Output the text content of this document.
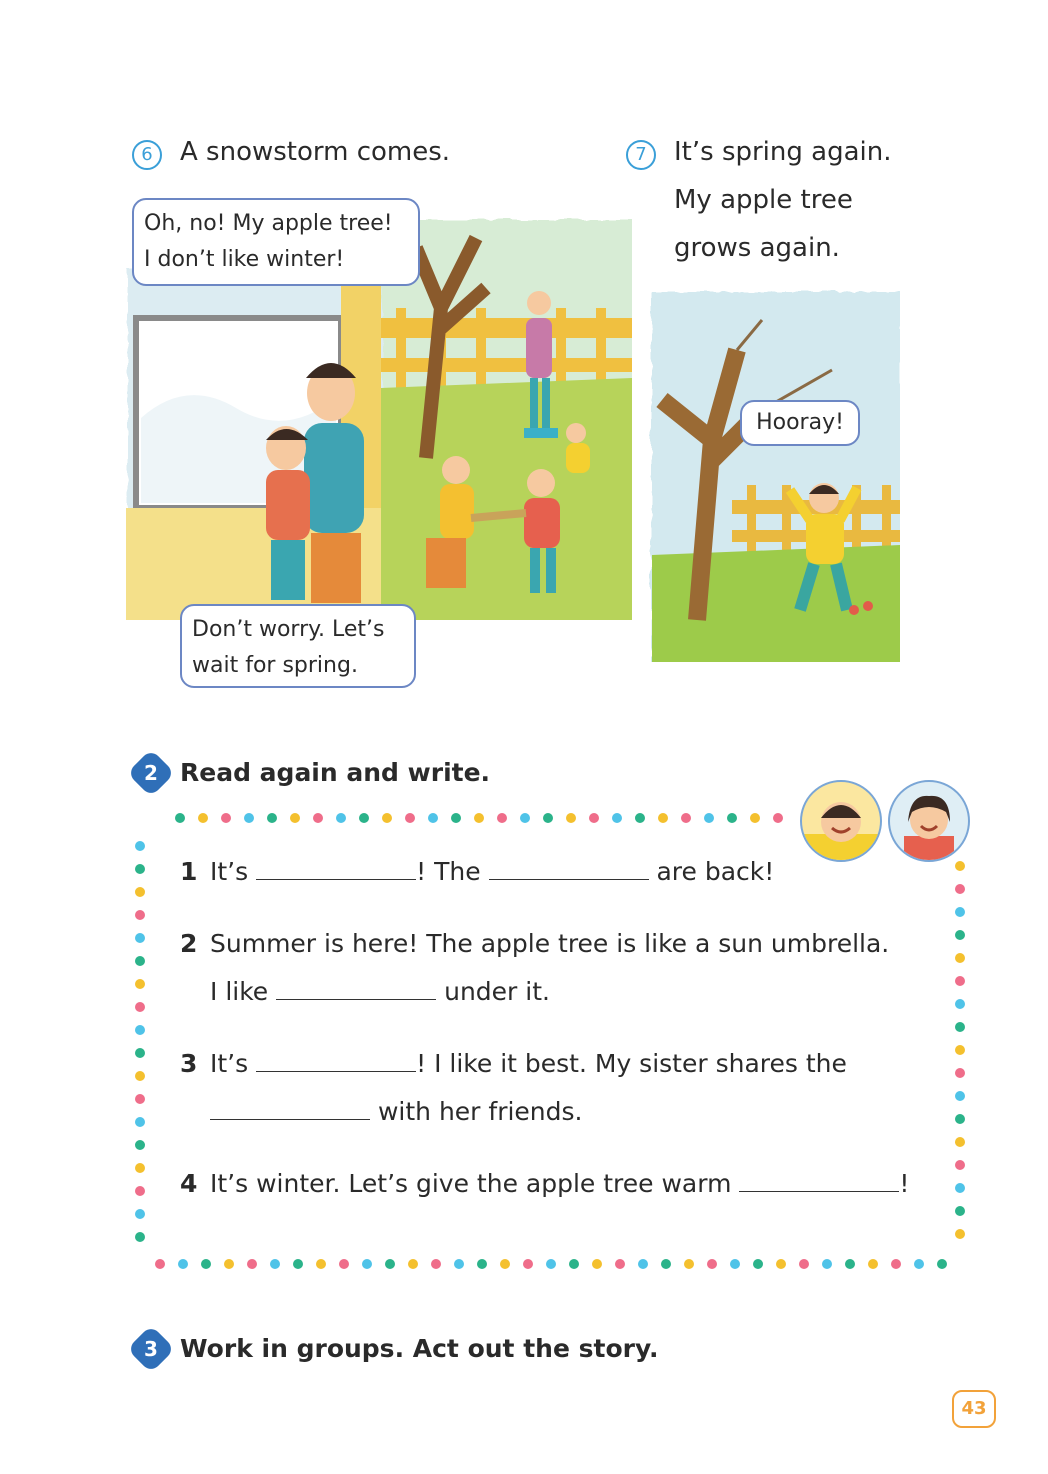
6	A snowstorm comes.
Oh, no! My apple tree!
I don’t like winter!
Don’t worry. Let’s
wait for spring.
7	It’s spring again.
My apple tree
grows again.
Hooray!
2 Read again and write.
1 It’s	! The	are back!
2 Summer is here! The apple tree is like a sun umbrella.
I like	under it.
3 It’s	! I like it best. My sister shares the
with her friends.
4 It’s winter. Let’s give the apple tree warm	!
3 Work in groups. Act out the story.
43
